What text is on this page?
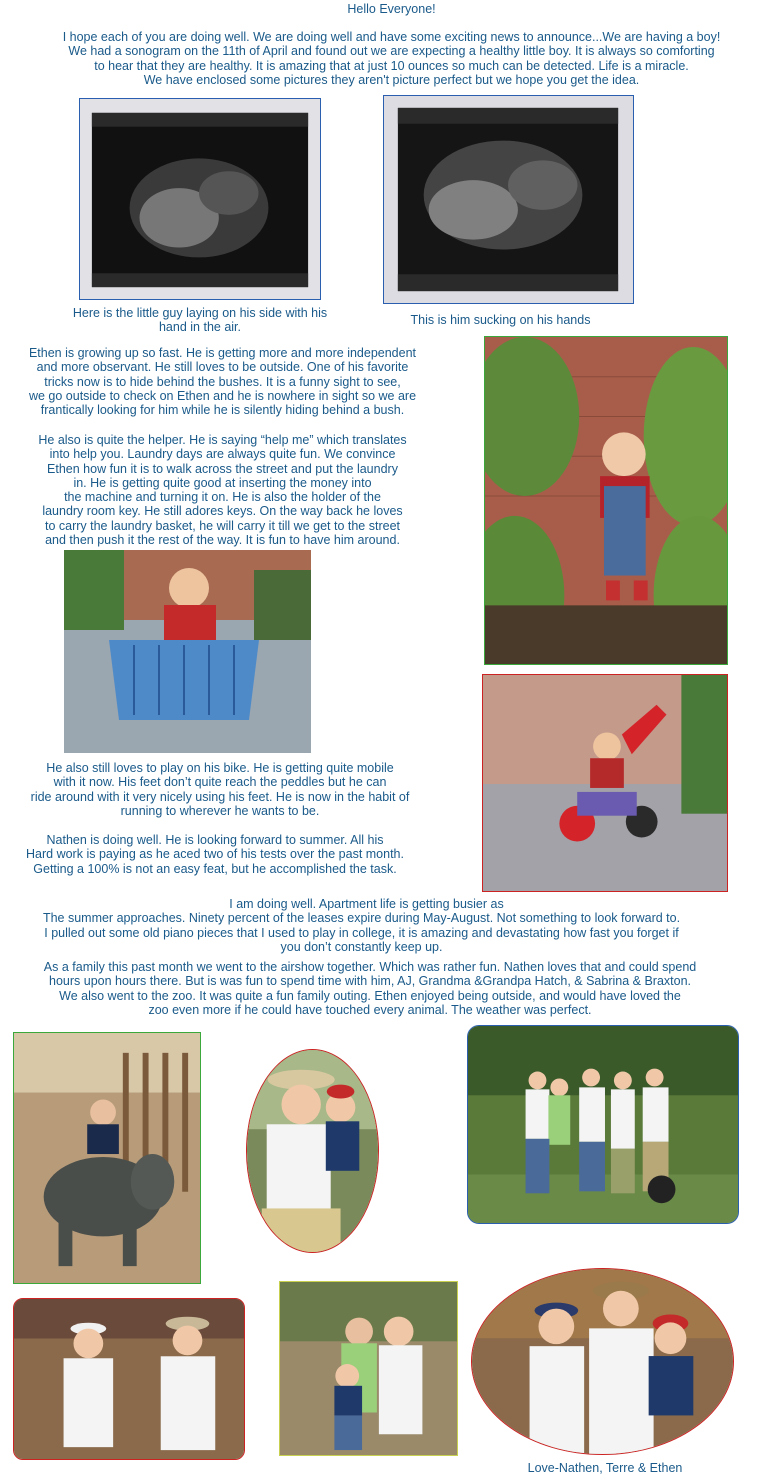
Hello Everyone!
I hope each of you are doing well. We are doing well and have some exciting news to announce...We are having a boy!
We had a sonogram on the 11th of April and found out we are expecting a healthy little boy. It is always so comforting
to hear that they are healthy. It is amazing that at just 10 ounces so much can be detected. Life is a miracle.
We have enclosed some pictures they aren't picture perfect but we hope you get the idea.
Here is the little guy laying on his side with his
hand in the air.
This is him sucking on his hands
Ethen is growing up so fast. He is getting more and more independent
and more observant. He still loves to be outside. One of his favorite
tricks now is to hide behind the bushes. It is a funny sight to see,
we go outside to check on Ethen and he is nowhere in sight so we are
frantically looking for him while he is silently hiding behind a bush.
He also is quite the helper. He is saying “help me” which translates
into help you. Laundry days are always quite fun. We convince
Ethen how fun it is to walk across the street and put the laundry
in. He is getting quite good at inserting the money into
the machine and turning it on. He is also the holder of the
laundry room key. He still adores keys. On the way back he loves
to carry the laundry basket, he will carry it till we get to the street
and then push it the rest of the way. It is fun to have him around.
He also still loves to play on his bike. He is getting quite mobile
with it now. His feet don’t quite reach the peddles but he can
ride around with it very nicely using his feet. He is now in the habit of
running to wherever he wants to be.
Nathen is doing well. He is looking forward to summer. All his
Hard work is paying as he aced two of his tests over the past month.
Getting a 100% is not an easy feat, but he accomplished the task.
I am doing well. Apartment life is getting busier as
The summer approaches. Ninety percent of the leases expire during May-August. Not something to look forward to.
I pulled out some old piano pieces that I used to play in college, it is amazing and devastating how fast you forget if
you don’t constantly keep up.
As a family this past month we went to the airshow together. Which was rather fun. Nathen loves that and could spend
hours upon hours there. But is was fun to spend time with him, AJ, Grandma &Grandpa Hatch, & Sabrina & Braxton.
We also went to the zoo. It was quite a fun family outing. Ethen enjoyed being outside, and would have loved the
zoo even more if he could have touched every animal. The weather was perfect.
Love-Nathen, Terre & Ethen
